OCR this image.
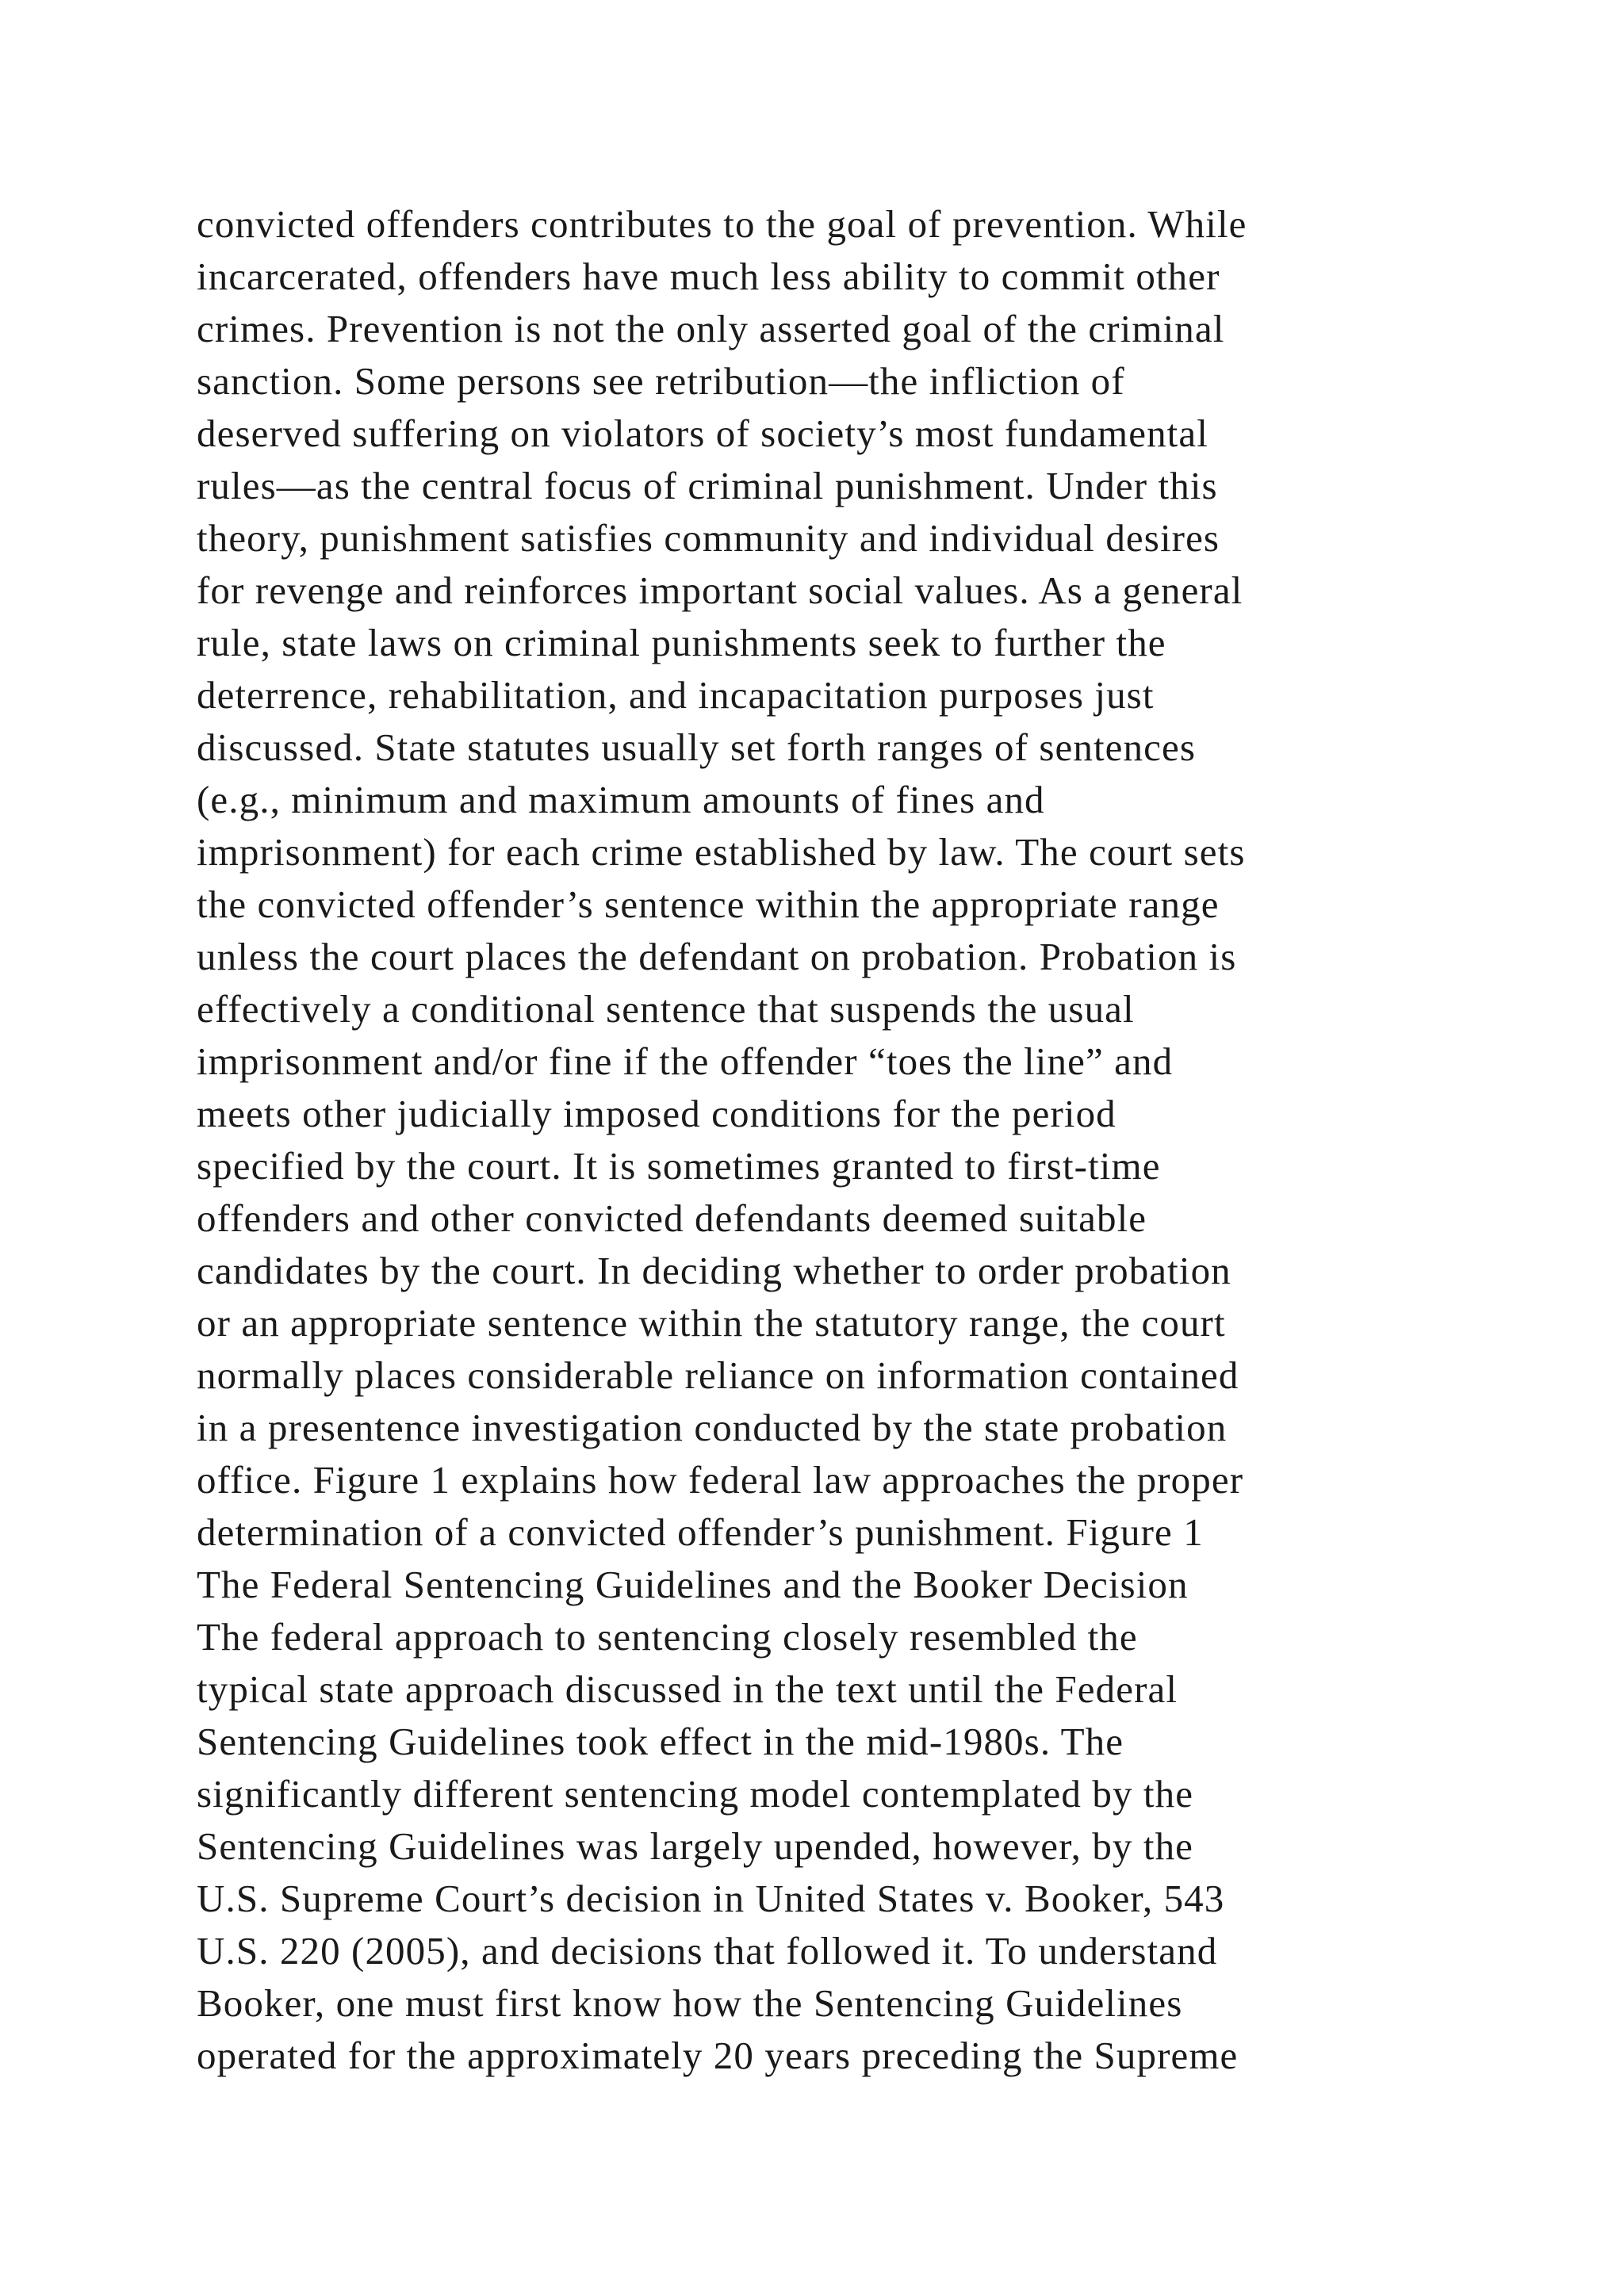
convicted offenders contributes to the goal of prevention. While
incarcerated, offenders have much less ability to commit other
crimes. Prevention is not the only asserted goal of the criminal
sanction. Some persons see retribution—the infliction of
deserved suffering on violators of society’s most fundamental
rules—as the central focus of criminal punishment. Under this
theory, punishment satisfies community and individual desires
for revenge and reinforces important social values. As a general
rule, state laws on criminal punishments seek to further the
deterrence, rehabilitation, and incapacitation purposes just
discussed. State statutes usually set forth ranges of sentences
(e.g., minimum and maximum amounts of fines and
imprisonment) for each crime established by law. The court sets
the convicted offender’s sentence within the appropriate range
unless the court places the defendant on probation. Probation is
effectively a conditional sentence that suspends the usual
imprisonment and/or fine if the offender “toes the line” and
meets other judicially imposed conditions for the period
specified by the court. It is sometimes granted to first-time
offenders and other convicted defendants deemed suitable
candidates by the court. In deciding whether to order probation
or an appropriate sentence within the statutory range, the court
normally places considerable reliance on information contained
in a presentence investigation conducted by the state probation
office. Figure 1 explains how federal law approaches the proper
determination of a convicted offender’s punishment. Figure 1
The Federal Sentencing Guidelines and the Booker Decision
The federal approach to sentencing closely resembled the
typical state approach discussed in the text until the Federal
Sentencing Guidelines took effect in the mid-1980s. The
significantly different sentencing model contemplated by the
Sentencing Guidelines was largely upended, however, by the
U.S. Supreme Court’s decision in United States v. Booker, 543
U.S. 220 (2005), and decisions that followed it. To understand
Booker, one must first know how the Sentencing Guidelines
operated for the approximately 20 years preceding the Supreme
